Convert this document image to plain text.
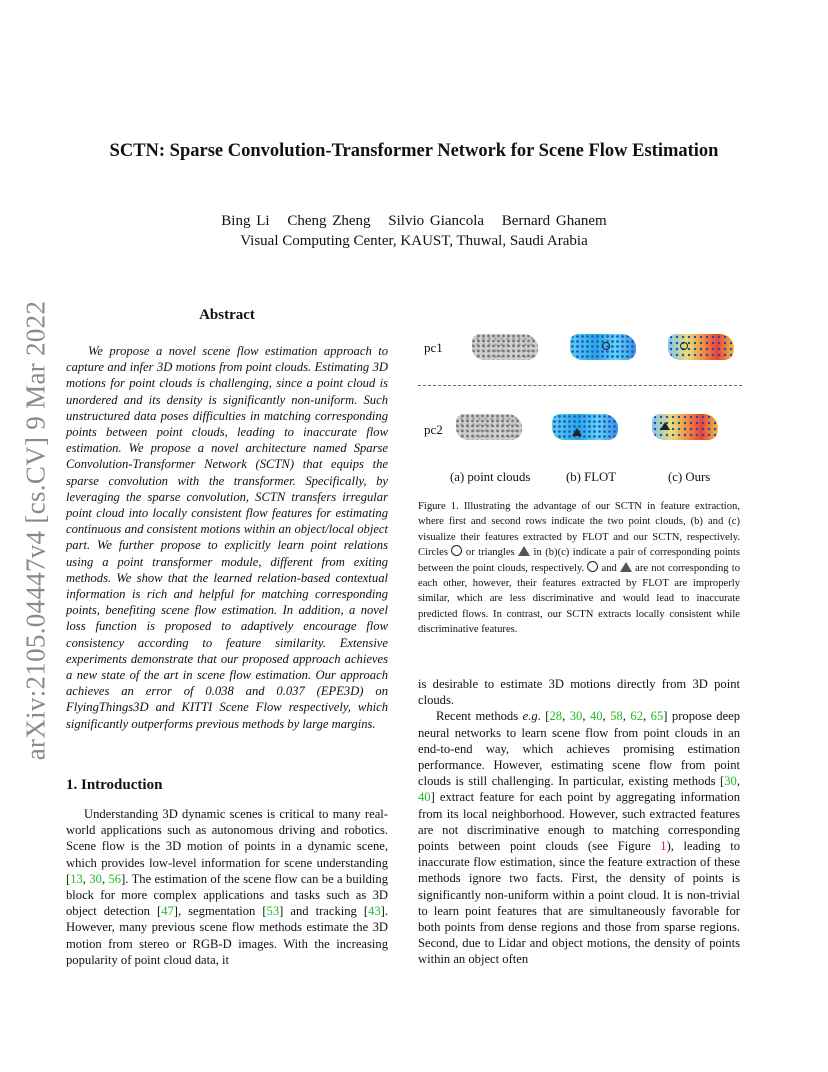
arXiv:2105.04447v4 [cs.CV] 9 Mar 2022
SCTN: Sparse Convolution-Transformer Network for Scene Flow Estimation
Bing Li Cheng Zheng Silvio Giancola Bernard Ghanem
Visual Computing Center, KAUST, Thuwal, Saudi Arabia
Abstract
We propose a novel scene flow estimation approach to capture and infer 3D motions from point clouds. Estimating 3D motions for point clouds is challenging, since a point cloud is unordered and its density is significantly non-uniform. Such unstructured data poses difficulties in matching corresponding points between point clouds, leading to inaccurate flow estimation. We propose a novel architecture named Sparse Convolution-Transformer Network (SCTN) that equips the sparse convolution with the transformer. Specifically, by leveraging the sparse convolution, SCTN transfers irregular point cloud into locally consistent flow features for estimating continuous and consistent motions within an object/local object part. We further propose to explicitly learn point relations using a point transformer module, different from exiting methods. We show that the learned relation-based contextual information is rich and helpful for matching corresponding points, benefiting scene flow estimation. In addition, a novel loss function is proposed to adaptively encourage flow consistency according to feature similarity. Extensive experiments demonstrate that our proposed approach achieves a new state of the art in scene flow estimation. Our approach achieves an error of 0.038 and 0.037 (EPE3D) on FlyingThings3D and KITTI Scene Flow respectively, which significantly outperforms previous methods by large margins.
1. Introduction
Understanding 3D dynamic scenes is critical to many real-world applications such as autonomous driving and robotics. Scene flow is the 3D motion of points in a dynamic scene, which provides low-level information for scene understanding [13, 30, 56]. The estimation of the scene flow can be a building block for more complex applications and tasks such as 3D object detection [47], segmentation [53] and tracking [43]. However, many previous scene flow methods estimate the 3D motion from stereo or RGB-D images. With the increasing popularity of point cloud data, it
pc1
pc2
(a) point clouds	(b) FLOT	(c) Ours
Figure 1. Illustrating the advantage of our SCTN in feature extraction, where first and second rows indicate the two point clouds, (b) and (c) visualize their features extracted by FLOT and our SCTN, respectively. Circles  or triangles  in (b)(c) indicate a pair of corresponding points between the point clouds, respectively.  and  are not corresponding to each other, however, their features extracted by FLOT are improperly similar, which are less discriminative and would lead to inaccurate predicted flows. In contrast, our SCTN extracts locally consistent while discriminative features.

is desirable to estimate 3D motions directly from 3D point clouds.

Recent methods e.g. [28, 30, 40, 58, 62, 65] propose deep neural networks to learn scene flow from point clouds in an end-to-end way, which achieves promising estimation performance. However, estimating scene flow from point clouds is still challenging. In particular, existing methods [30, 40] extract feature for each point by aggregating information from its local neighborhood. However, such extracted features are not discriminative enough to matching corresponding points between point clouds (see Figure 1), leading to inaccurate flow estimation, since the feature extraction of these methods ignore two facts. First, the density of points is significantly non-uniform within a point cloud. It is non-trivial to learn point features that are simultaneously favorable for both points from dense regions and those from sparse regions. Second, due to Lidar and object motions, the density of points within an object often
